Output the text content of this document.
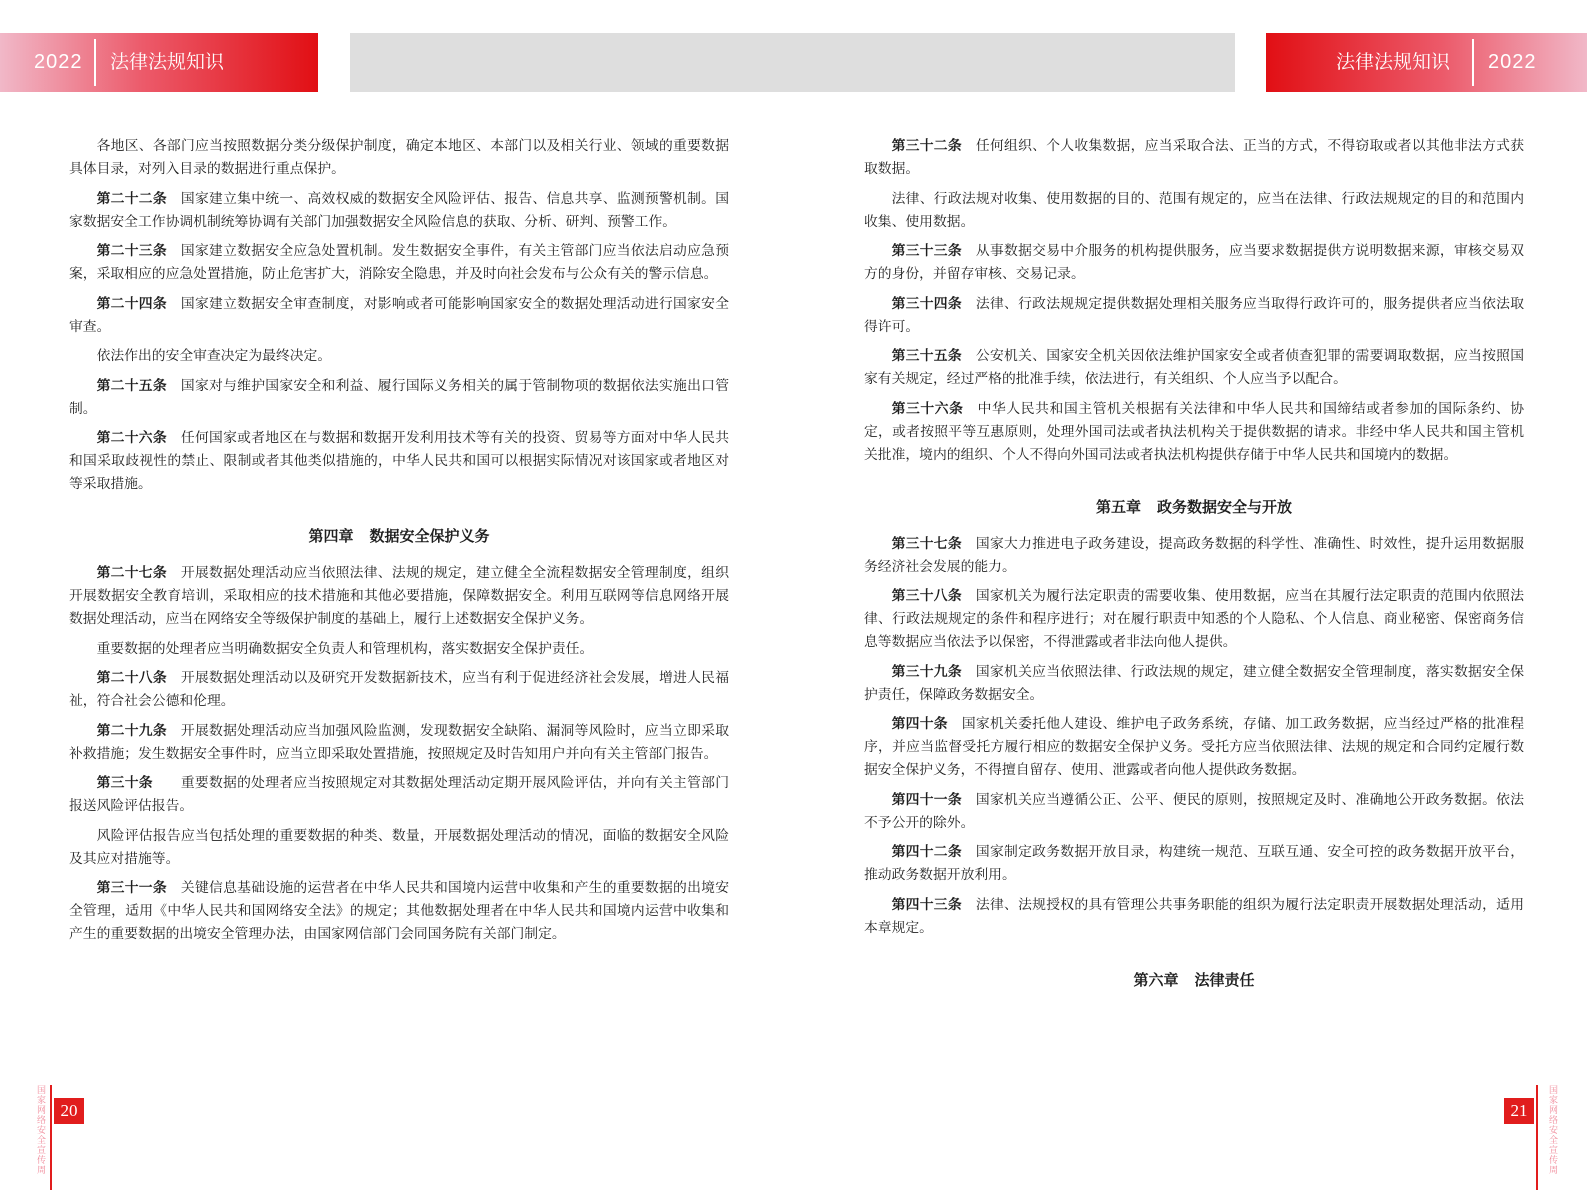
2022 法律法规知识	法律法规知识 2022

各地区、各部门应当按照数据分类分级保护制度，确定本地区、本部门以及相关行业、领域的重要数据具体目录，对列入目录的数据进行重点保护。

第二十二条 国家建立集中统一、高效权威的数据安全风险评估、报告、信息共享、监测预警机制。国家数据安全工作协调机制统筹协调有关部门加强数据安全风险信息的获取、分析、研判、预警工作。

第二十三条 国家建立数据安全应急处置机制。发生数据安全事件，有关主管部门应当依法启动应急预案，采取相应的应急处置措施，防止危害扩大，消除安全隐患，并及时向社会发布与公众有关的警示信息。

第二十四条 国家建立数据安全审查制度，对影响或者可能影响国家安全的数据处理活动进行国家安全审查。

依法作出的安全审查决定为最终决定。

第二十五条 国家对与维护国家安全和利益、履行国际义务相关的属于管制物项的数据依法实施出口管制。

第二十六条 任何国家或者地区在与数据和数据开发利用技术等有关的投资、贸易等方面对中华人民共和国采取歧视性的禁止、限制或者其他类似措施的，中华人民共和国可以根据实际情况对该国家或者地区对等采取措施。

第四章 数据安全保护义务

第二十七条 开展数据处理活动应当依照法律、法规的规定，建立健全全流程数据安全管理制度，组织开展数据安全教育培训，采取相应的技术措施和其他必要措施，保障数据安全。利用互联网等信息网络开展数据处理活动，应当在网络安全等级保护制度的基础上，履行上述数据安全保护义务。

重要数据的处理者应当明确数据安全负责人和管理机构，落实数据安全保护责任。

第二十八条 开展数据处理活动以及研究开发数据新技术，应当有利于促进经济社会发展，增进人民福祉，符合社会公德和伦理。

第二十九条 开展数据处理活动应当加强风险监测，发现数据安全缺陷、漏洞等风险时，应当立即采取补救措施；发生数据安全事件时，应当立即采取处置措施，按照规定及时告知用户并向有关主管部门报告。

第三十条 重要数据的处理者应当按照规定对其数据处理活动定期开展风险评估，并向有关主管部门报送风险评估报告。

风险评估报告应当包括处理的重要数据的种类、数量，开展数据处理活动的情况，面临的数据安全风险及其应对措施等。

第三十一条 关键信息基础设施的运营者在中华人民共和国境内运营中收集和产生的重要数据的出境安全管理，适用《中华人民共和国网络安全法》的规定；其他数据处理者在中华人民共和国境内运营中收集和产生的重要数据的出境安全管理办法，由国家网信部门会同国务院有关部门制定。

第三十二条 任何组织、个人收集数据，应当采取合法、正当的方式，不得窃取或者以其他非法方式获取数据。

法律、行政法规对收集、使用数据的目的、范围有规定的，应当在法律、行政法规规定的目的和范围内收集、使用数据。

第三十三条 从事数据交易中介服务的机构提供服务，应当要求数据提供方说明数据来源，审核交易双方的身份，并留存审核、交易记录。

第三十四条 法律、行政法规规定提供数据处理相关服务应当取得行政许可的，服务提供者应当依法取得许可。

第三十五条 公安机关、国家安全机关因依法维护国家安全或者侦查犯罪的需要调取数据，应当按照国家有关规定，经过严格的批准手续，依法进行，有关组织、个人应当予以配合。

第三十六条 中华人民共和国主管机关根据有关法律和中华人民共和国缔结或者参加的国际条约、协定，或者按照平等互惠原则，处理外国司法或者执法机构关于提供数据的请求。非经中华人民共和国主管机关批准，境内的组织、个人不得向外国司法或者执法机构提供存储于中华人民共和国境内的数据。

第五章 政务数据安全与开放

第三十七条 国家大力推进电子政务建设，提高政务数据的科学性、准确性、时效性，提升运用数据服务经济社会发展的能力。

第三十八条 国家机关为履行法定职责的需要收集、使用数据，应当在其履行法定职责的范围内依照法律、行政法规规定的条件和程序进行；对在履行职责中知悉的个人隐私、个人信息、商业秘密、保密商务信息等数据应当依法予以保密，不得泄露或者非法向他人提供。

第三十九条 国家机关应当依照法律、行政法规的规定，建立健全数据安全管理制度，落实数据安全保护责任，保障政务数据安全。

第四十条 国家机关委托他人建设、维护电子政务系统，存储、加工政务数据，应当经过严格的批准程序，并应当监督受托方履行相应的数据安全保护义务。受托方应当依照法律、法规的规定和合同约定履行数据安全保护义务，不得擅自留存、使用、泄露或者向他人提供政务数据。

第四十一条 国家机关应当遵循公正、公平、便民的原则，按照规定及时、准确地公开政务数据。依法不予公开的除外。

第四十二条 国家制定政务数据开放目录，构建统一规范、互联互通、安全可控的政务数据开放平台，推动政务数据开放利用。

第四十三条 法律、法规授权的具有管理公共事务职能的组织为履行法定职责开展数据处理活动，适用本章规定。

第六章 法律责任
国家网络安全宣传周 20	21	国家网络安全宣传周
